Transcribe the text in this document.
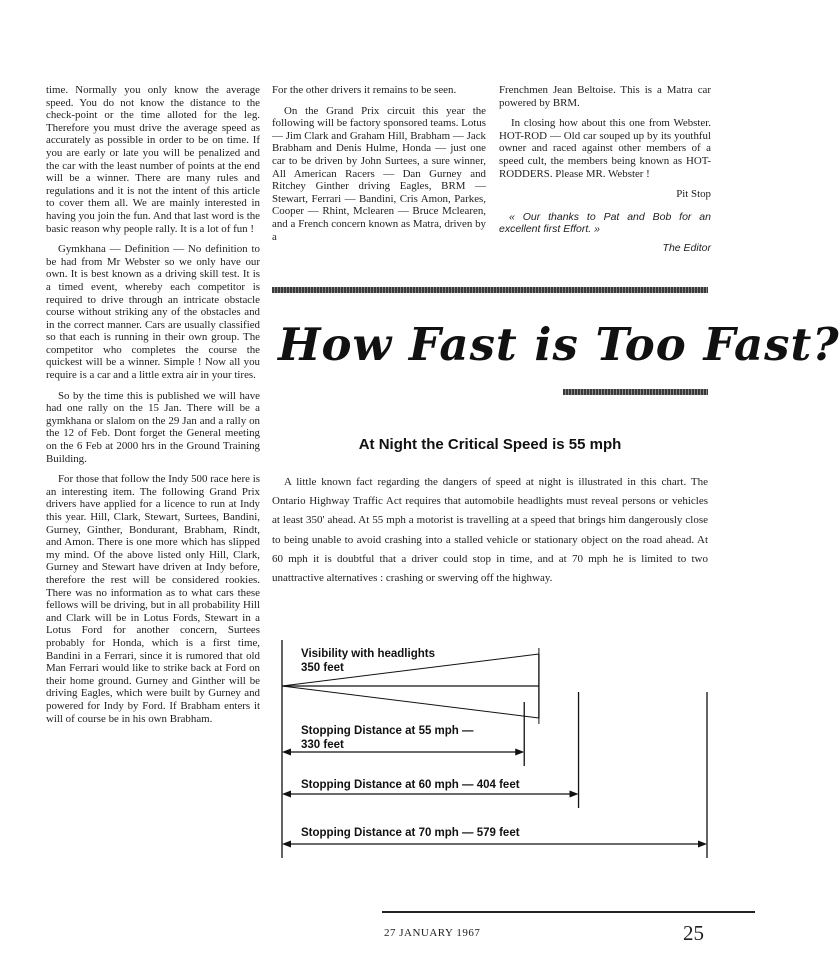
time. Normally you only know the average speed. You do not know the distance to the check-point or the time alloted for the leg. Therefore you must drive the average speed as accurately as possible in order to be on time. If you are early or late you will be penalized and the car with the least number of points at the end will be a winner. There are many rules and regulations and it is not the intent of this article to cover them all. We are mainly interested in having you join the fun. And that last word is the basic reason why people rally. It is a lot of fun !

Gymkhana — Definition — No definition to be had from Mr Webster so we only have our own. It is best known as a driving skill test. It is a timed event, whereby each competitor is required to drive through an intricate obstacle course without striking any of the obstacles and in the correct manner. Cars are usually classified so that each is running in their own group. The competitor who completes the course the quickest will be a winner. Simple ! Now all you require is a car and a little extra air in your tires.

So by the time this is published we will have had one rally on the 15 Jan. There will be a gymkhana or slalom on the 29 Jan and a rally on the 12 of Feb. Dont forget the General meeting on the 6 Feb at 2000 hrs in the Ground Training Building.

For those that follow the Indy 500 race here is an interesting item. The following Grand Prix drivers have applied for a licence to run at Indy this year. Hill, Clark, Stewart, Surtees, Bandini, Gurney, Ginther, Bondurant, Brabham, Rindt, and Amon. There is one more which has slipped my mind. Of the above listed only Hill, Clark, Gurney and Stewart have driven at Indy before, therefore the rest will be considered rookies. There was no information as to what cars these fellows will be driving, but in all probability Hill and Clark will be in Lotus Fords, Stewart in a Lotus Ford for another concern, Surtees probably for Honda, which is a first time, Bandini in a Ferrari, since it is rumored that old Man Ferrari would like to strike back at Ford on their home ground. Gurney and Ginther will be driving Eagles, which were built by Gurney and powered for Indy by Ford. If Brabham enters it will of course be in his own Brabham.

For the other drivers it remains to be seen.

On the Grand Prix circuit this year the following will be factory sponsored teams. Lotus — Jim Clark and Graham Hill, Brabham — Jack Brabham and Denis Hulme, Honda — just one car to be driven by John Surtees, a sure winner, All American Racers — Dan Gurney and Ritchey Ginther driving Eagles, BRM — Stewart, Ferrari — Bandini, Cris Amon, Parkes, Cooper — Rhint, Mclearen — Bruce Mclearen, and a French concern known as Matra, driven by a

Frenchmen Jean Beltoise. This is a Matra car powered by BRM.

In closing how about this one from Webster. HOT-ROD — Old car souped up by its youthful owner and raced against other members of a speed cult, the members being known as HOT-RODDERS. Please MR. Webster !

Pit Stop
« Our thanks to Pat and Bob for an excellent first Effort. »
The Editor
How Fast is Too Fast?
At Night the Critical Speed is 55 mph

A little known fact regarding the dangers of speed at night is illustrated in this chart. The Ontario Highway Traffic Act requires that automobile headlights must reveal persons or vehicles at least 350' ahead. At 55 mph a motorist is travelling at a speed that brings him dangerously close to being unable to avoid crashing into a stalled vehicle or stationary object on the road ahead. At 60 mph it is doubtful that a driver could stop in time, and at 70 mph he is limited to two unattractive alternatives : crashing or swerving off the highway.

Visibility with headlights
350 feet
Stopping Distance at 55 mph —
330 feet
Stopping Distance at 60 mph — 404 feet
Stopping Distance at 70 mph — 579 feet
27 JANUARY 1967	25
